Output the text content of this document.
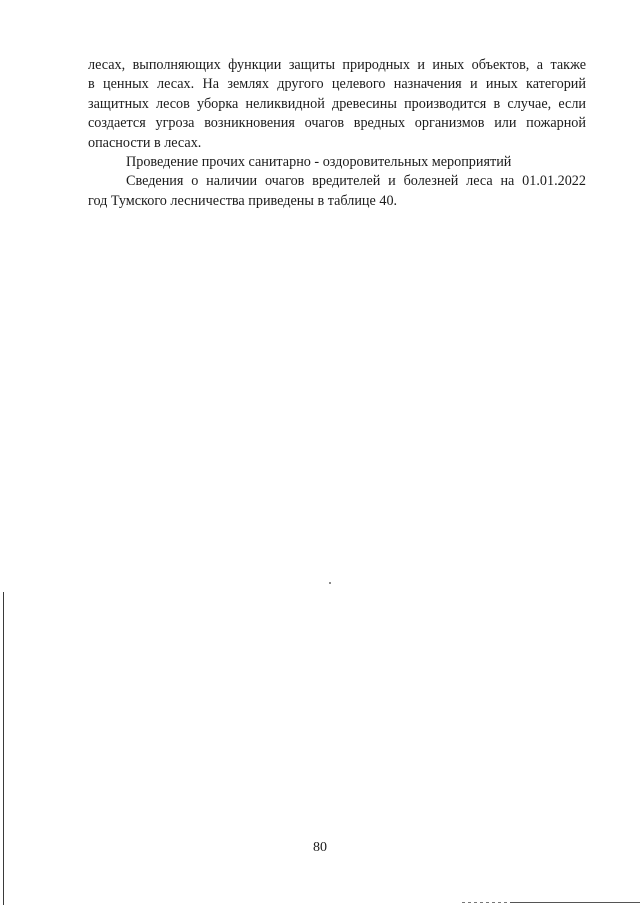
лесах, выполняющих функции защиты природных и иных объектов, а также
в ценных лесах. На землях другого целевого назначения и иных категорий
защитных лесов уборка неликвидной древесины производится в случае, если
создается угроза возникновения очагов вредных организмов или пожарной
опасности в лесах.
Проведение прочих санитарно - оздоровительных мероприятий
Сведения о наличии очагов вредителей и болезней леса на 01.01.2022
год Тумского лесничества приведены в таблице 40.
80
